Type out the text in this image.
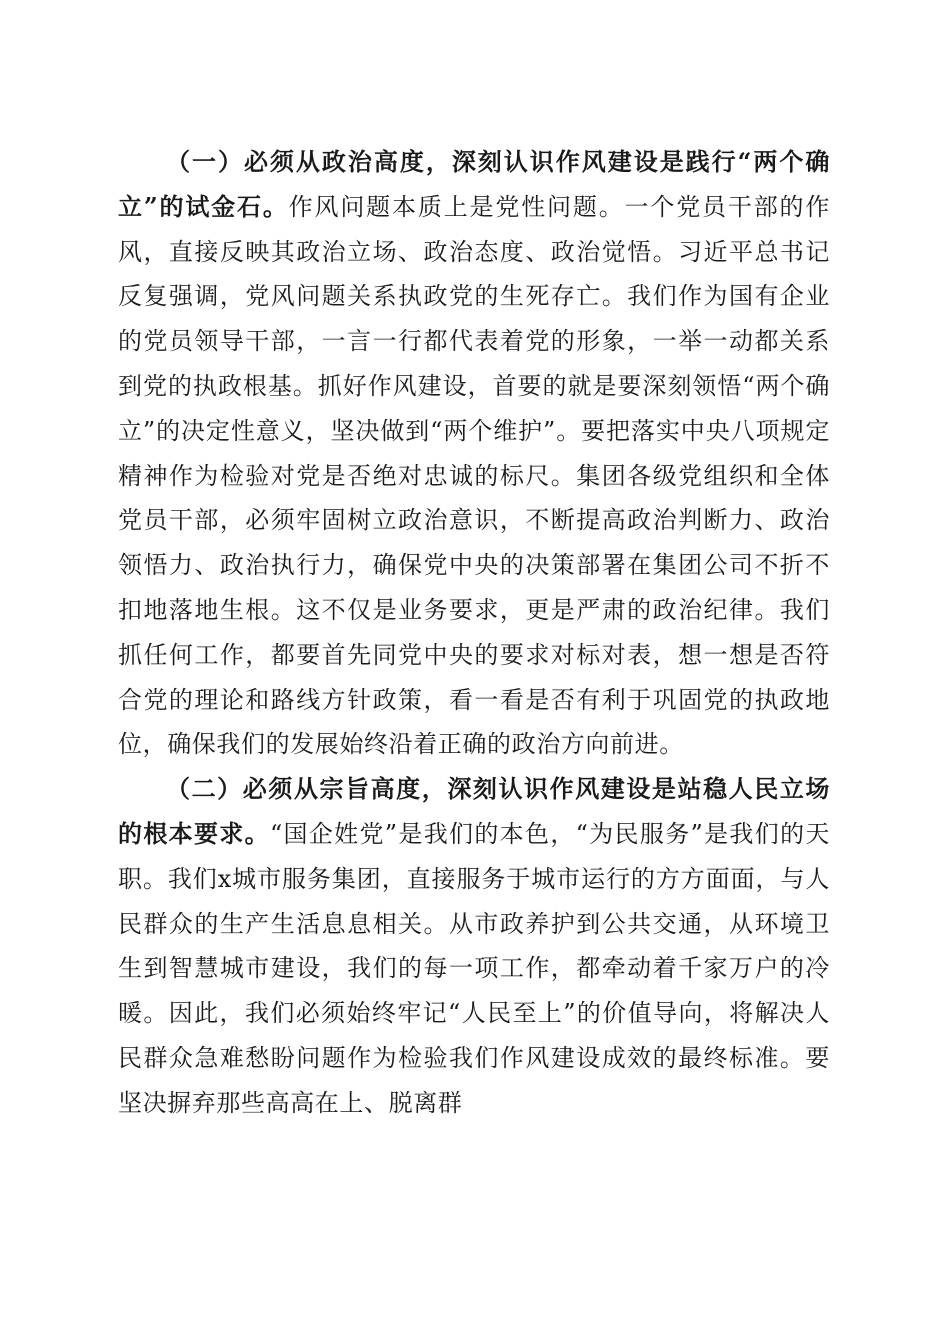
（一）必须从政治高度，深刻认识作风建设是践行“两个确立”的试金石。作风问题本质上是党性问题。一个党员干部的作风，直接反映其政治立场、政治态度、政治觉悟。习近平总书记反复强调，党风问题关系执政党的生死存亡。我们作为国有企业的党员领导干部，一言一行都代表着党的形象，一举一动都关系到党的执政根基。抓好作风建设，首要的就是要深刻领悟“两个确立”的决定性意义，坚决做到“两个维护”。要把落实中央八项规定精神作为检验对党是否绝对忠诚的标尺。集团各级党组织和全体党员干部，必须牢固树立政治意识，不断提高政治判断力、政治领悟力、政治执行力，确保党中央的决策部署在集团公司不折不扣地落地生根。这不仅是业务要求，更是严肃的政治纪律。我们抓任何工作，都要首先同党中央的要求对标对表，想一想是否符合党的理论和路线方针政策，看一看是否有利于巩固党的执政地位，确保我们的发展始终沿着正确的政治方向前进。

（二）必须从宗旨高度，深刻认识作风建设是站稳人民立场的根本要求。“国企姓党”是我们的本色，“为民服务”是我们的天职。我们x城市服务集团，直接服务于城市运行的方方面面，与人民群众的生产生活息息相关。从市政养护到公共交通，从环境卫生到智慧城市建设，我们的每一项工作，都牵动着千家万户的冷暖。因此，我们必须始终牢记“人民至上”的价值导向，将解决人民群众急难愁盼问题作为检验我们作风建设成效的最终标准。要坚决摒弃那些高高在上、脱离群
